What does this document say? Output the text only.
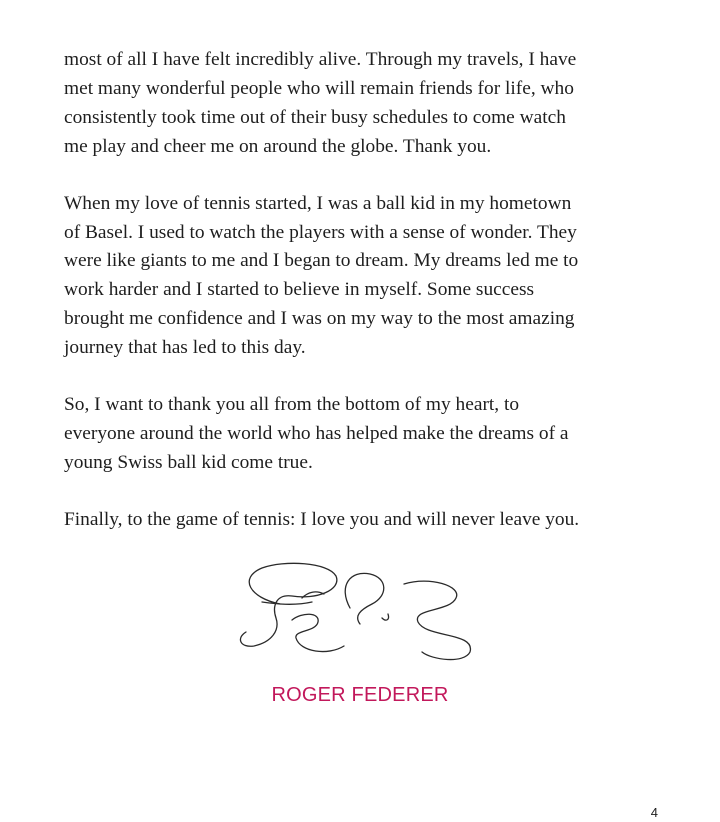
most of all I have felt incredibly alive. Through my travels, I have
met many wonderful people who will remain friends for life, who
consistently took time out of their busy schedules to come watch
me play and cheer me on around the globe. Thank you.

When my love of tennis started, I was a ball kid in my hometown
of Basel. I used to watch the players with a sense of wonder. They
were like giants to me and I began to dream. My dreams led me to
work harder and I started to believe in myself. Some success
brought me confidence and I was on my way to the most amazing
journey that has led to this day.

So, I want to thank you all from the bottom of my heart, to
everyone around the world who has helped make the dreams of a
young Swiss ball kid come true.

Finally, to the game of tennis: I love you and will never leave you.

ROGER FEDERER
4
